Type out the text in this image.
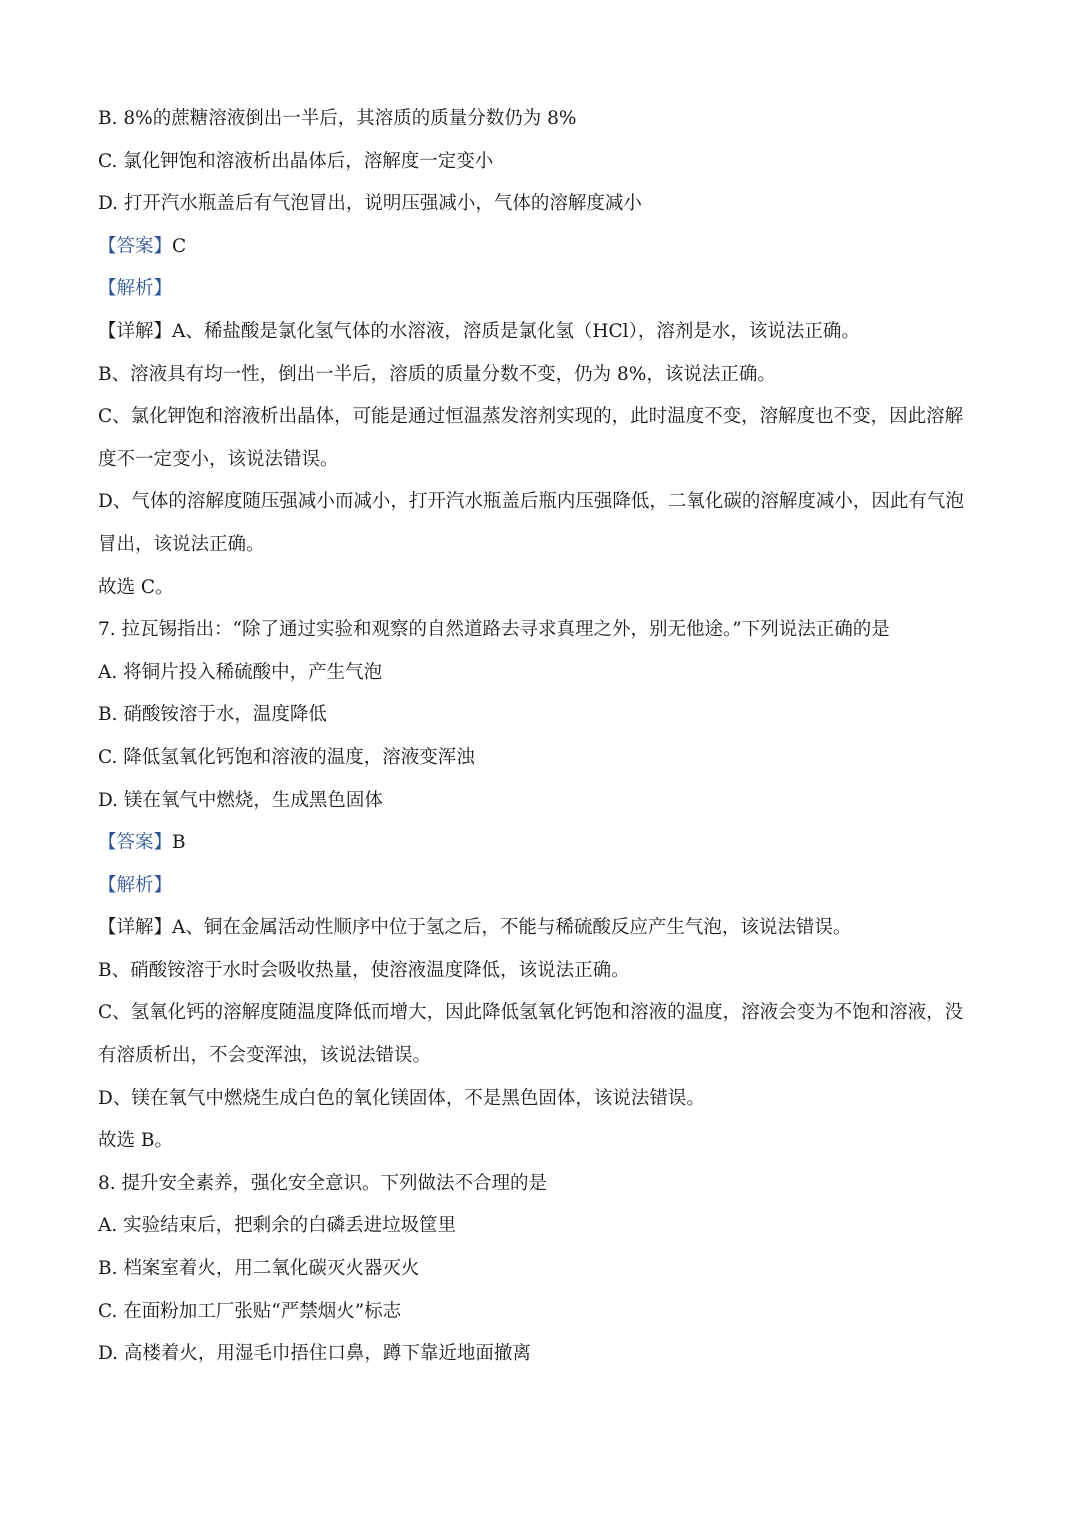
B. 8%的蔗糖溶液倒出一半后，其溶质的质量分数仍为 8%
C. 氯化钾饱和溶液析出晶体后，溶解度一定变小
D. 打开汽水瓶盖后有气泡冒出，说明压强减小，气体的溶解度减小
【答案】C
【解析】
【详解】A、稀盐酸是氯化氢气体的水溶液，溶质是氯化氢（HCl），溶剂是水，该说法正确。
B、溶液具有均一性，倒出一半后，溶质的质量分数不变，仍为 8%，该说法正确。
C、氯化钾饱和溶液析出晶体，可能是通过恒温蒸发溶剂实现的，此时温度不变，溶解度也不变，因此溶解
度不一定变小，该说法错误。
D、气体的溶解度随压强减小而减小，打开汽水瓶盖后瓶内压强降低，二氧化碳的溶解度减小，因此有气泡
冒出，该说法正确。
故选 C。
7. 拉瓦锡指出：“除了通过实验和观察的自然道路去寻求真理之外，别无他途。”下列说法正确的是
A. 将铜片投入稀硫酸中，产生气泡
B. 硝酸铵溶于水，温度降低
C. 降低氢氧化钙饱和溶液的温度，溶液变浑浊
D. 镁在氧气中燃烧，生成黑色固体
【答案】B
【解析】
【详解】A、铜在金属活动性顺序中位于氢之后，不能与稀硫酸反应产生气泡，该说法错误。
B、硝酸铵溶于水时会吸收热量，使溶液温度降低，该说法正确。
C、氢氧化钙的溶解度随温度降低而增大，因此降低氢氧化钙饱和溶液的温度，溶液会变为不饱和溶液，没
有溶质析出，不会变浑浊，该说法错误。
D、镁在氧气中燃烧生成白色的氧化镁固体，不是黑色固体，该说法错误。
故选 B。
8. 提升安全素养，强化安全意识。下列做法不合理的是
A. 实验结束后，把剩余的白磷丢进垃圾筐里
B. 档案室着火，用二氧化碳灭火器灭火
C. 在面粉加工厂张贴“严禁烟火”标志
D. 高楼着火，用湿毛巾捂住口鼻，蹲下靠近地面撤离
